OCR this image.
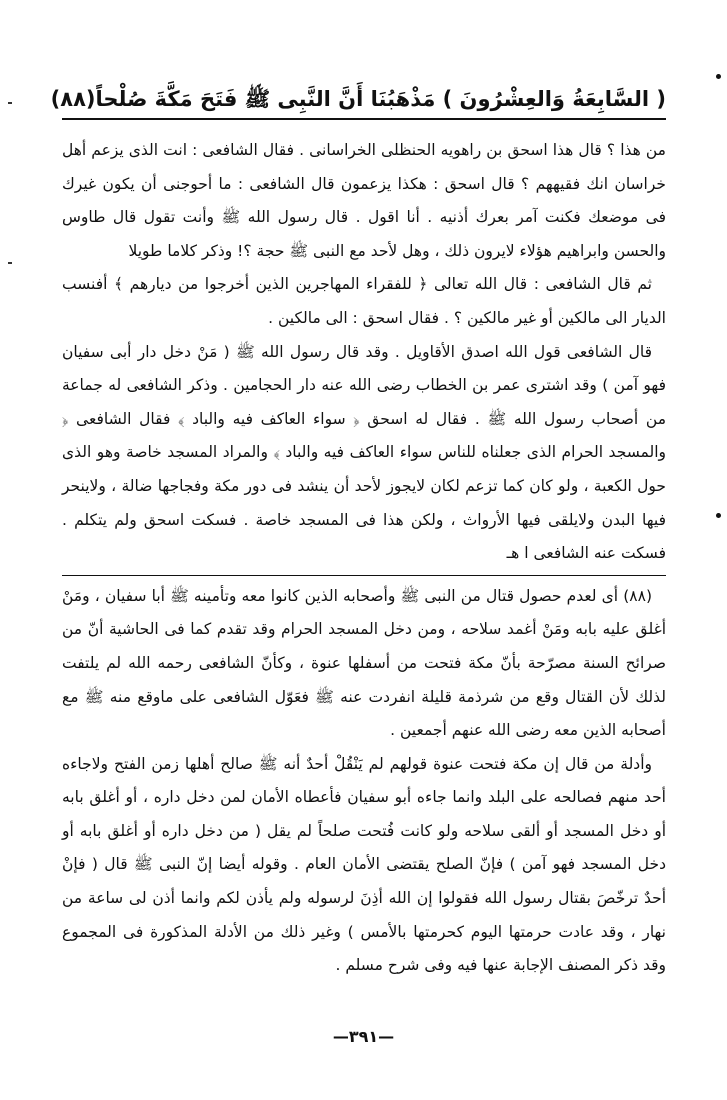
( السَّابِعَةُ وَالعِشْرُونَ ) مَذْهَبُنَا أَنَّ النَّبِى ﷺ فَتَحَ مَكَّةَ صُلْحاً(٨٨)

من هذا ؟ قال هذا اسحق بن راهويه الحنظلى الخراسانى . فقال الشافعى : انت الذى يزعم أهل خراسان انك فقيههم ؟ قال اسحق : هكذا يزعمون قال الشافعى : ما أحوجنى أن يكون غيرك فى موضعك فكنت آمر بعرك أذنيه . أنا اقول . قال رسول الله ﷺ وأنت تقول قال طاوس والحسن وابراهيم هؤلاء لايرون ذلك ، وهل لأحد مع النبى ﷺ حجة ؟! وذكر كلاما طويلا

ثم قال الشافعى : قال الله تعالى ﴿ للفقراء المهاجرين الذين أخرجوا من ديارهم ﴾ أفنسب الديار الى مالكين أو غير مالكين ؟ . فقال اسحق : الى مالكين .

قال الشافعى قول الله اصدق الأقاويل . وقد قال رسول الله ﷺ ( مَنْ دخل دار أبى سفيان فهو آمن ) وقد اشترى عمر بن الخطاب رضى الله عنه دار الحجامين . وذكر الشافعى له جماعة من أصحاب رسول الله ﷺ . فقال له اسحق ﴿ سواء العاكف فيه والباد ﴾ فقال الشافعى ﴿ والمسجد الحرام الذى جعلناه للناس سواء العاكف فيه والباد ﴾ والمراد المسجد خاصة وهو الذى حول الكعبة ، ولو كان كما تزعم لكان لايجوز لأحد أن ينشد فى دور مكة وفجاجها ضالة ، ولاينحر فيها البدن ولايلقى فيها الأرواث ، ولكن هذا فى المسجد خاصة . فسكت اسحق ولم يتكلم . فسكت عنه الشافعى ا هـ

(٨٨) أى لعدم حصول قتال من النبى ﷺ وأصحابه الذين كانوا معه وتأمينه ﷺ أبا سفيان ، ومَنْ أغلق عليه بابه ومَنْ أغمد سلاحه ، ومن دخل المسجد الحرام وقد تقدم كما فى الحاشية أنّ من صرائح السنة مصرّحة بأنّ مكة فتحت من أسفلها عنوة ، وكأنّ الشافعى رحمه الله لم يلتفت لذلك لأن القتال وقع من شرذمة قليلة انفردت عنه ﷺ فعَوّل الشافعى على ماوقع منه ﷺ مع أصحابه الذين معه رضى الله عنهم أجمعين .

وأدلة من قال إن مكة فتحت عنوة قولهم لم يَنْقُلْ أحدٌ أنه ﷺ صالح أهلها زمن الفتح ولاجاءه أحد منهم فصالحه على البلد وانما جاءه أبو سفيان فأعطاه الأمان لمن دخل داره ، أو أغلق بابه أو دخل المسجد أو ألقى سلاحه ولو كانت فُتحت صلحاً لم يقل ( من دخل داره أو أغلق بابه أو دخل المسجد فهو آمن ) فإنّ الصلح يقتضى الأمان العام . وقوله أيضا إنّ النبى ﷺ قال ( فإنْ أحدٌ ترخّصَ بقتال رسول الله فقولوا إن الله أذِنَ لرسوله ولم يأذن لكم وانما أذن لى ساعة من نهار ، وقد عادت حرمتها اليوم كحرمتها بالأمس ) وغير ذلك من الأدلة المذكورة فى المجموع وقد ذكر المصنف الإجابة عنها فيه وفى شرح مسلم .

—٣٩١—
